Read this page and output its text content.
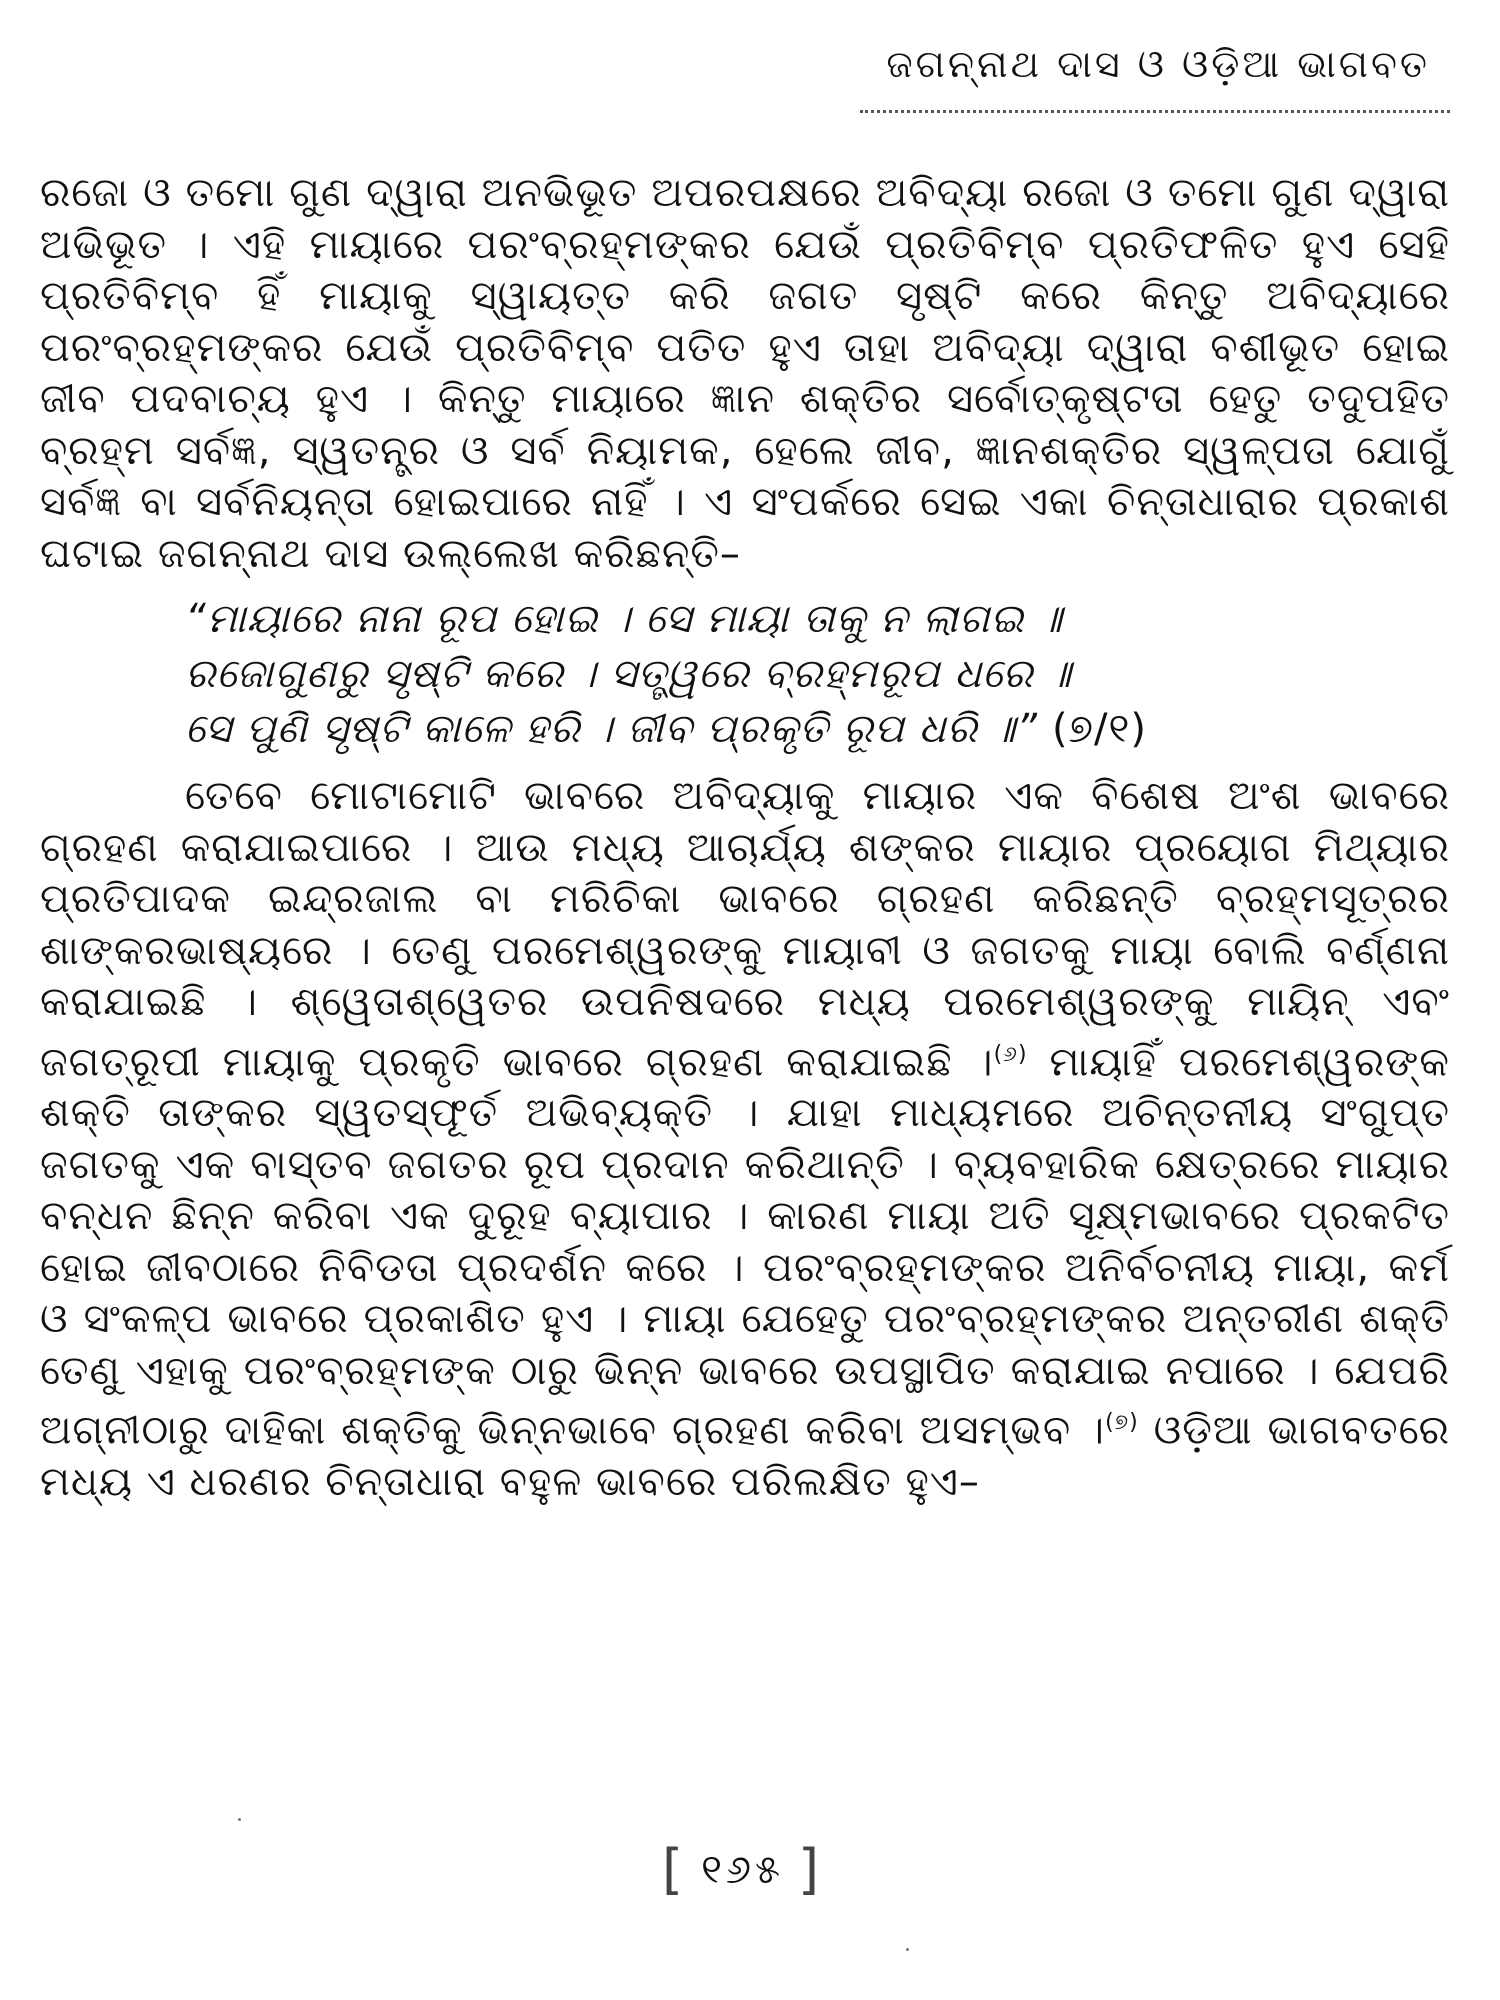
ଜଗନ୍ନାଥ ଦାସ ଓ ଓଡ଼ିଆ ଭାଗବତ

ରଜୋ ଓ ତମୋ ଗୁଣ ଦ୍ୱାରା ଅନଭିଭୂତ ଅପରପକ୍ଷରେ ଅବିଦ୍ୟା ରଜୋ ଓ ତମୋ ଗୁଣ ଦ୍ୱାରା ଅଭିଭୂତ । ଏହି ମାୟାରେ ପରଂବ୍ରହ୍ମଙ୍କର ଯେଉଁ ପ୍ରତିବିମ୍ବ ପ୍ରତିଫଳିତ ହୁଏ ସେହି ପ୍ରତିବିମ୍ବ ହିଁ ମାୟାକୁ ସ୍ୱାୟତ୍ତ କରି ଜଗତ ସୃଷ୍ଟି କରେ କିନ୍ତୁ ଅବିଦ୍ୟାରେ ପରଂବ୍ରହ୍ମଙ୍କର ଯେଉଁ ପ୍ରତିବିମ୍ବ ପତିତ ହୁଏ ତାହା ଅବିଦ୍ୟା ଦ୍ୱାରା ବଶୀଭୂତ ହୋଇ ଜୀବ ପଦବାଚ୍ୟ ହୁଏ । କିନ୍ତୁ ମାୟାରେ ଜ୍ଞାନ ଶକ୍ତିର ସର୍ବୋତ୍କୃଷ୍ଟତା ହେତୁ ତଦୁପହିତ ବ୍ରହ୍ମ ସର୍ବଜ୍ଞ, ସ୍ୱତନ୍ତ୍ର ଓ ସର୍ବ ନିୟାମକ, ହେଲେ ଜୀବ, ଜ୍ଞାନଶକ୍ତିର ସ୍ୱଳ୍ପତା ଯୋଗୁଁ ସର୍ବଜ୍ଞ ବା ସର୍ବନିୟନ୍ତା ହୋଇପାରେ ନାହିଁ । ଏ ସଂପର୍କରେ ସେଇ ଏକା ଚିନ୍ତାଧାରାର ପ୍ରକାଶ ଘଟାଇ ଜଗନ୍ନାଥ ଦାସ ଉଲ୍ଲେଖ କରିଛନ୍ତି–

“ମାୟାରେ ନାନା ରୂପ ହୋଇ । ସେ ମାୟା ତାକୁ ନ ଲାଗଇ ॥
ରଜୋଗୁଣରୁ ସୃଷ୍ଟି କରେ । ସତ୍ତ୍ୱରେ ବ୍ରହ୍ମରୂପ ଧରେ ॥
ସେ ପୁଣି ସୃଷ୍ଟି କାଳେ ହରି । ଜୀବ ପ୍ରକୃତି ରୂପ ଧରି ॥” (୭/୧)

ତେବେ ମୋଟାମୋଟି ଭାବରେ ଅବିଦ୍ୟାକୁ ମାୟାର ଏକ ବିଶେଷ ଅଂଶ ଭାବରେ ଗ୍ରହଣ କରାଯାଇପାରେ । ଆଉ ମଧ୍ୟ ଆଚାର୍ଯ୍ୟ ଶଙ୍କର ମାୟାର ପ୍ରୟୋଗ ମିଥ୍ୟାର ପ୍ରତିପାଦକ ଇନ୍ଦ୍ରଜାଲ ବା ମରିଚିକା ଭାବରେ ଗ୍ରହଣ କରିଛନ୍ତି ବ୍ରହ୍ମସୂତ୍ରର ଶାଙ୍କରଭାଷ୍ୟରେ । ତେଣୁ ପରମେଶ୍ୱରଙ୍କୁ ମାୟାବୀ ଓ ଜଗତକୁ ମାୟା ବୋଲି ବର୍ଣ୍ଣନା କରାଯାଇଛି । ଶ୍ୱେତାଶ୍ୱେତର ଉପନିଷଦରେ ମଧ୍ୟ ପରମେଶ୍ୱରଙ୍କୁ ମାୟିନ୍ ଏବଂ ଜଗତ୍‌ରୂପୀ ମାୟାକୁ ପ୍ରକୃତି ଭାବରେ ଗ୍ରହଣ କରାଯାଇଛି ।$^{(୬)}$ ମାୟାହିଁ ପରମେଶ୍ୱରଙ୍କ ଶକ୍ତି ତାଙ୍କର ସ୍ୱତସ୍ଫୂର୍ତ ଅଭିବ୍ୟକ୍ତି । ଯାହା ମାଧ୍ୟମରେ ଅଚିନ୍ତନୀୟ ସଂଗୁପ୍ତ ଜଗତକୁ ଏକ ବାସ୍ତବ ଜଗତର ରୂପ ପ୍ରଦାନ କରିଥାନ୍ତି । ବ୍ୟବହାରିକ କ୍ଷେତ୍ରରେ ମାୟାର ବନ୍ଧନ ଛିନ୍ନ କରିବା ଏକ ଦୁରୂହ ବ୍ୟାପାର । କାରଣ ମାୟା ଅତି ସୂକ୍ଷ୍ମଭାବରେ ପ୍ରକଟିତ ହୋଇ ଜୀବଠାରେ ନିବିଡତା ପ୍ରଦର୍ଶନ କରେ । ପରଂବ୍ରହ୍ମଙ୍କର ଅନିର୍ବଚନୀୟ ମାୟା, କର୍ମ ଓ ସଂକଳ୍ପ ଭାବରେ ପ୍ରକାଶିତ ହୁଏ । ମାୟା ଯେହେତୁ ପରଂବ୍ରହ୍ମଙ୍କର ଅନ୍ତରୀଣ ଶକ୍ତି ତେଣୁ ଏହାକୁ ପରଂବ୍ରହ୍ମଙ୍କ ଠାରୁ ଭିନ୍ନ ଭାବରେ ଉପସ୍ଥାପିତ କରାଯାଇ ନପାରେ । ଯେପରି ଅଗ୍ନୀଠାରୁ ଦାହିକା ଶକ୍ତିକୁ ଭିନ୍ନଭାବେ ଗ୍ରହଣ କରିବା ଅସମ୍ଭବ ।$^{(୭)}$ ଓଡ଼ିଆ ଭାଗବତରେ ମଧ୍ୟ ଏ ଧରଣର ଚିନ୍ତାଧାରା ବହୁଳ ଭାବରେ ପରିଲକ୍ଷିତ ହୁଏ–

[ ୧୬୫ ]
